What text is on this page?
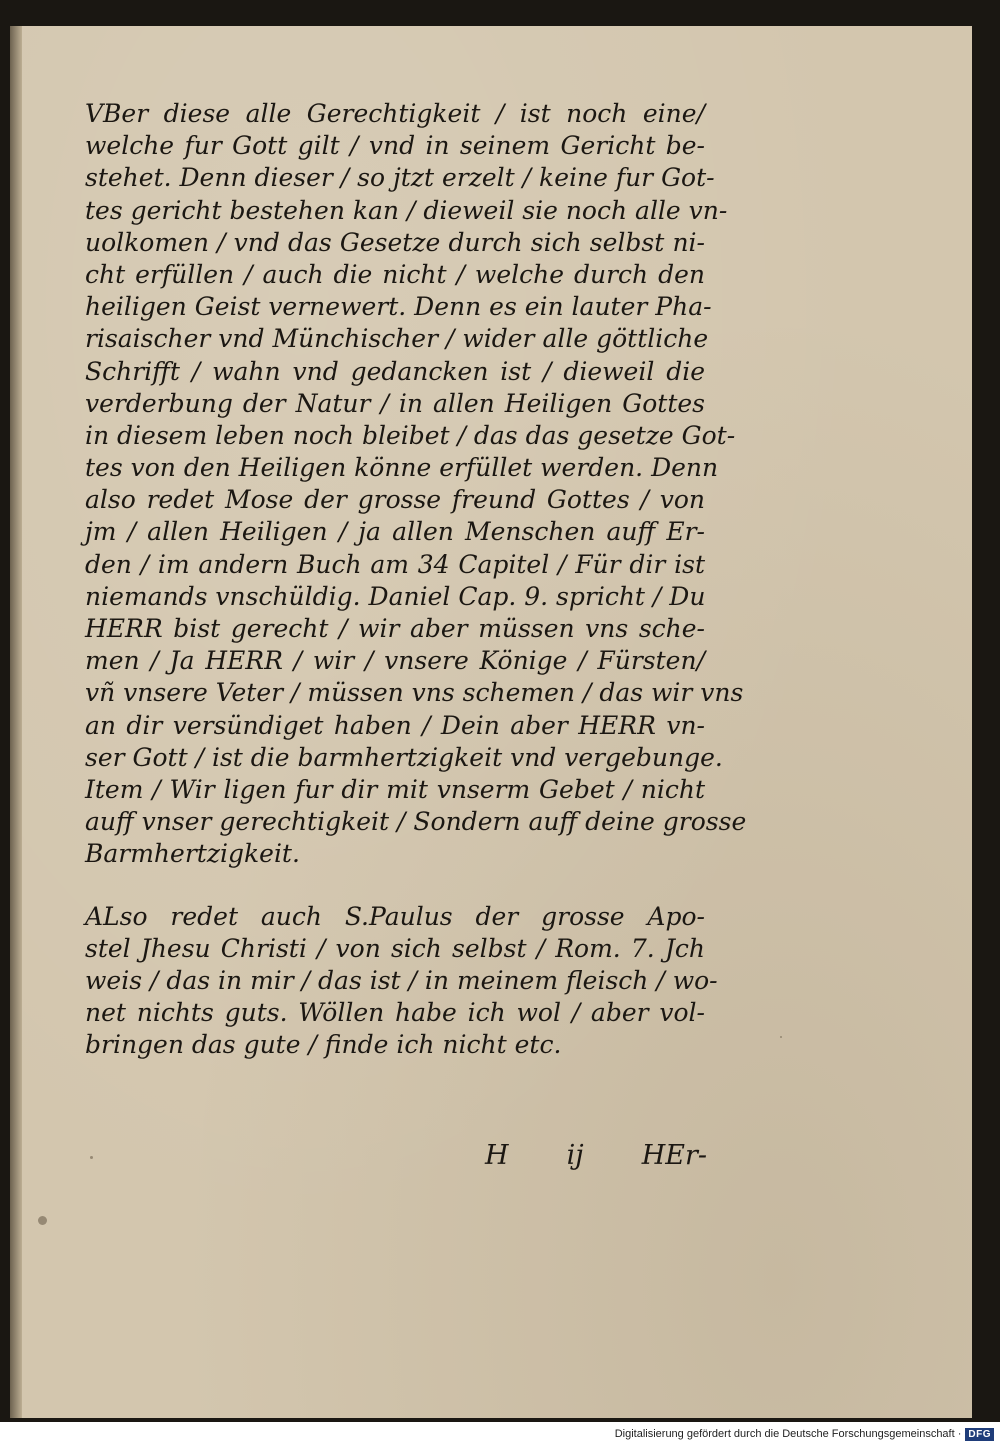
VBer diese alle Gerechtigkeit / ist noch eine/
welche fur Gott gilt / vnd in seinem Gericht be‑
stehet. Denn dieser / so jtzt erzelt / keine fur Got‑
tes gericht bestehen kan / dieweil sie noch alle vn‑
uolkomen / vnd das Gesetze durch sich selbst ni‑
cht erfüllen / auch die nicht / welche durch den
heiligen Geist vernewert. Denn es ein lauter Pha‑
risaischer vnd Münchischer / wider alle göttliche
Schrifft / wahn vnd gedancken ist / dieweil die
verderbung der Natur / in allen Heiligen Gottes
in diesem leben noch bleibet / das das gesetze Got‑
tes von den Heiligen könne erfüllet werden. Denn
also redet Mose der grosse freund Gottes / von
jm / allen Heiligen / ja allen Menschen auff Er‑
den / im andern Buch am 34 Capitel / Für dir ist
niemands vnschüldig. Daniel Cap. 9. spricht / Du
HERR bist gerecht / wir aber müssen vns sche‑
men / Ja HERR / wir / vnsere Könige / Fürsten/
vñ vnsere Veter / müssen vns schemen / das wir vns
an dir versündiget haben / Dein aber HERR vn‑
ser Gott / ist die barmhertzigkeit vnd vergebunge.
Item / Wir ligen fur dir mit vnserm Gebet / nicht
auff vnser gerechtigkeit / Sondern auff deine grosse
Barmhertzigkeit.
ALso redet auch S.Paulus der grosse Apo‑
stel Jhesu Christi / von sich selbst / Rom. 7. Jch
weis / das in mir / das ist / in meinem fleisch / wo‑
net nichts guts. Wöllen habe ich wol / aber vol‑
bringen das gute / finde ich nicht etc.
H ij HEr‑
Digitalisierung gefördert durch die Deutsche Forschungsgemeinschaft · DFG
